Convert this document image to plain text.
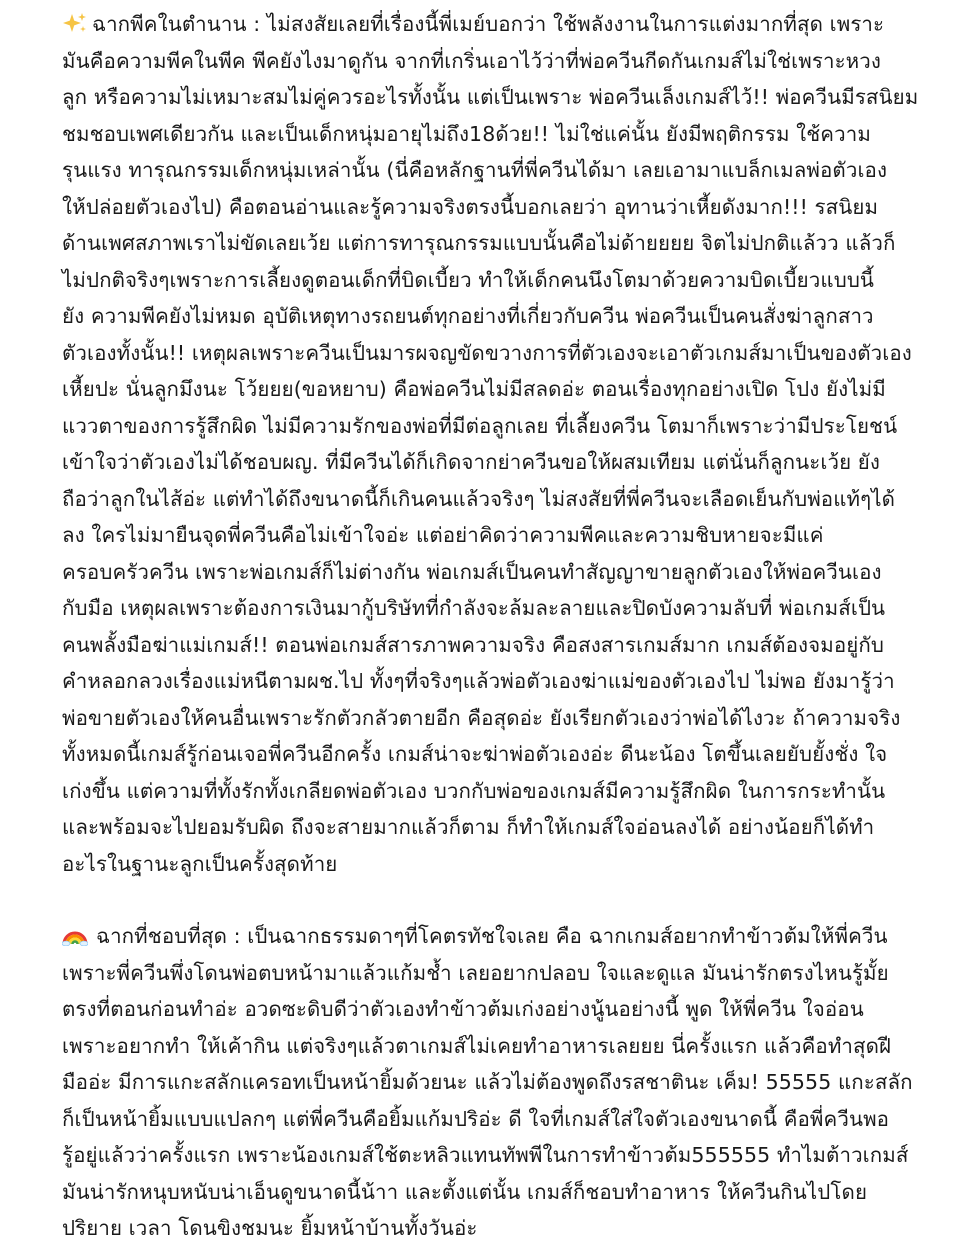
ฉากพีคในตำนาน : ไม่สงสัยเลยที่เรื่องนี้พี่เมย์บอกว่า ใช้พลังงานในการแต่งมากที่สุด เพราะ
มันคือความพีคในพีค พีคยังไงมาดูกัน จากที่เกริ่นเอาไว้ว่าที่พ่อควีนกีดกันเกมส์ไม่ใช่เพราะหวง
ลูก หรือความไม่เหมาะสมไม่คู่ควรอะไรทั้งนั้น แต่เป็นเพราะ พ่อควีนเล็งเกมส์ไว้!! พ่อควีนมีรสนิยม
ชมชอบเพศเดียวกัน และเป็นเด็กหนุ่มอายุไม่ถึง18ด้วย!! ไม่ใช่แค่นั้น ยังมีพฤติกรรม ใช้ความ
รุนแรง ทารุณกรรมเด็กหนุ่มเหล่านั้น (นี่คือหลักฐานที่พี่ควีนได้มา เลยเอามาแบล็กเมลพ่อตัวเอง
ให้ปล่อยตัวเองไป) คือตอนอ่านและรู้ความจริงตรงนี้บอกเลยว่า อุทานว่าเหี้ยดังมาก!!! รสนิยม
ด้านเพศสภาพเราไม่ขัดเลยเว้ย แต่การทารุณกรรมแบบนั้นคือไม่ด้ายยยย จิตไม่ปกติแล้วว แล้วก็
ไม่ปกติจริงๆเพราะการเลี้ยงดูตอนเด็กที่บิดเบี้ยว ทำให้เด็กคนนึงโตมาด้วยความบิดเบี้ยวแบบนี้
ยัง ความพีคยังไม่หมด อุบัติเหตุทางรถยนต์ทุกอย่างที่เกี่ยวกับควีน พ่อควีนเป็นคนสั่งฆ่าลูกสาว
ตัวเองทั้งนั้น!! เหตุผลเพราะควีนเป็นมารผจญขัดขวางการที่ตัวเองจะเอาตัวเกมส์มาเป็นของตัวเอง
เหี้ยปะ นั่นลูกมึงนะ โว้ยยย(ขอหยาบ) คือพ่อควีนไม่มีสลดอ่ะ ตอนเรื่องทุกอย่างเปิด โปง ยังไม่มี
แววตาของการรู้สึกผิด ไม่มีความรักของพ่อที่มีต่อลูกเลย ที่เลี้ยงควีน โตมาก็เพราะว่ามีประโยชน์
เข้าใจว่าตัวเองไม่ได้ชอบผญ. ที่มีควีนได้ก็เกิดจากย่าควีนขอให้ผสมเทียม แต่นั่นก็ลูกนะเว้ย ยัง
ถือว่าลูกในไส้อ่ะ แต่ทำได้ถึงขนาดนี้ก็เกินคนแล้วจริงๆ ไม่สงสัยที่พี่ควีนจะเลือดเย็นกับพ่อแท้ๆได้
ลง ใครไม่มายืนจุดพี่ควีนคือไม่เข้าใจอ่ะ แต่อย่าคิดว่าความพีคและความชิบหายจะมีแค่
ครอบครัวควีน เพราะพ่อเกมส์ก็ไม่ต่างกัน พ่อเกมส์เป็นคนทำสัญญาขายลูกตัวเองให้พ่อควีนเอง
กับมือ เหตุผลเพราะต้องการเงินมากู้บริษัทที่กำลังจะล้มละลายและปิดบังความลับที่ พ่อเกมส์เป็น
คนพลั้งมือฆ่าแม่เกมส์!! ตอนพ่อเกมส์สารภาพความจริง คือสงสารเกมส์มาก เกมส์ต้องจมอยู่กับ
คำหลอกลวงเรื่องแม่หนีตามผช.ไป ทั้งๆที่จริงๆแล้วพ่อตัวเองฆ่าแม่ของตัวเองไป ไม่พอ ยังมารู้ว่า
พ่อขายตัวเองให้คนอื่นเพราะรักตัวกลัวตายอีก คือสุดอ่ะ ยังเรียกตัวเองว่าพ่อได้ไงวะ ถ้าความจริง
ทั้งหมดนี้เกมส์รู้ก่อนเจอพี่ควีนอีกครั้ง เกมส์น่าจะฆ่าพ่อตัวเองอ่ะ ดีนะน้อง โตขึ้นเลยยับยั้งชั่ง ใจ
เก่งขึ้น แต่ความที่ทั้งรักทั้งเกลียดพ่อตัวเอง บวกกับพ่อของเกมส์มีความรู้สึกผิด ในการกระทำนั้น
และพร้อมจะไปยอมรับผิด ถึงจะสายมากแล้วก็ตาม ก็ทำให้เกมส์ใจอ่อนลงได้ อย่างน้อยก็ได้ทำ
อะไรในฐานะลูกเป็นครั้งสุดท้าย

ฉากที่ชอบที่สุด : เป็นฉากธรรมดาๆที่โคตรทัชใจเลย คือ ฉากเกมส์อยากทำข้าวต้มให้พี่ควีน
เพราะพี่ควีนพึ่งโดนพ่อตบหน้ามาแล้วแก้มช้ำ เลยอยากปลอบ ใจและดูแล มันน่ารักตรงไหนรู้มั้ย
ตรงที่ตอนก่อนทำอ่ะ อวดซะดิบดีว่าตัวเองทำข้าวต้มเก่งอย่างนู้นอย่างนี้ พูด ให้พี่ควีน ใจอ่อน
เพราะอยากทำ ให้เค้ากิน แต่จริงๆแล้วตาเกมส์ไม่เคยทำอาหารเลยยย นี่ครั้งแรก แล้วคือทำสุดฝี
มืออ่ะ มีการแกะสลักแครอทเป็นหน้ายิ้มด้วยนะ แล้วไม่ต้องพูดถึงรสชาตินะ เค็ม! 55555 แกะสลัก
ก็เป็นหน้ายิ้มแบบแปลกๆ แต่พี่ควีนคือยิ้มแก้มปริอ่ะ ดี ใจที่เกมส์ใส่ใจตัวเองขนาดนี้ คือพี่ควีนพอ
รู้อยู่แล้วว่าครั้งแรก เพราะน้องเกมส์ใช้ตะหลิวแทนทัพพีในการทำข้าวต้ม555555 ทำไมต้าวเกมส์
มันน่ารักหนุบหนับน่าเอ็นดูขนาดนี้น้าา และตั้งแต่นั้น เกมส์ก็ชอบทำอาหาร ให้ควีนกินไปโดย
ปริยาย เวลา โดนขิงชมนะ ยิ้มหน้าบ้านทั้งวันอ่ะ
